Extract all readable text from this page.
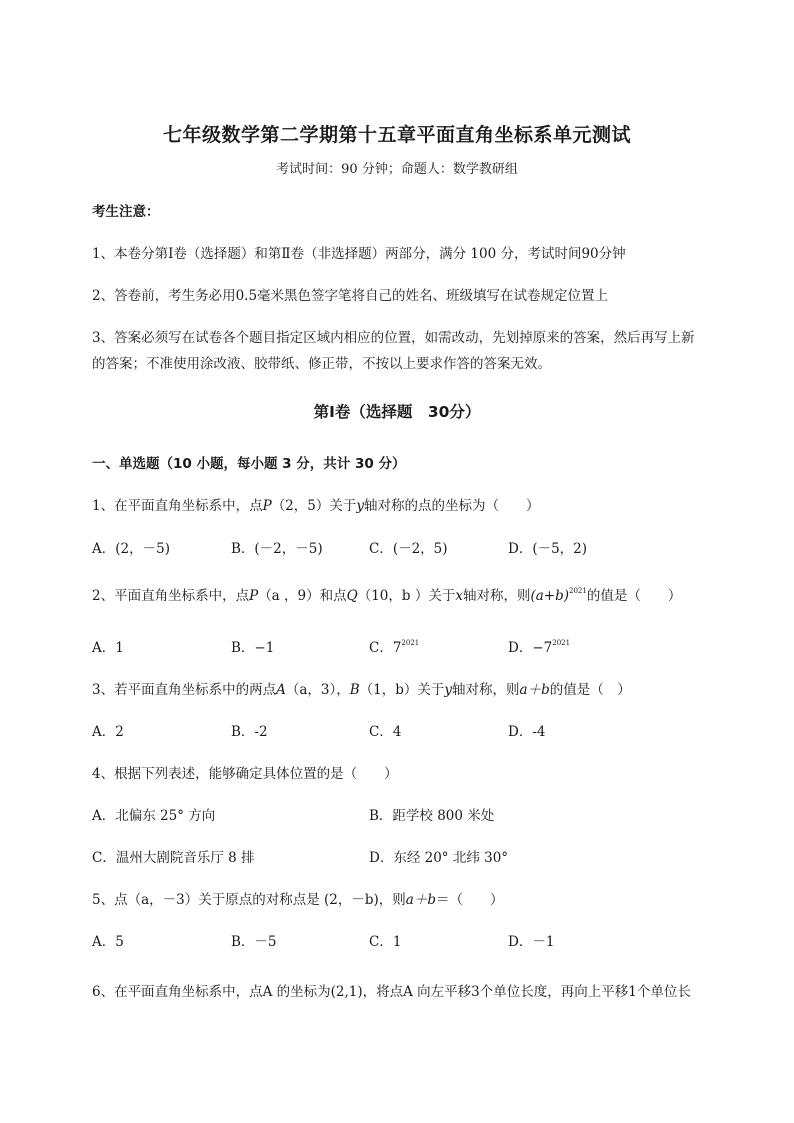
七年级数学第二学期第十五章平面直角坐标系单元测试
考试时间：90 分钟；命题人：数学教研组
考生注意：
1、本卷分第Ⅰ卷（选择题）和第Ⅱ卷（非选择题）两部分，满分 100 分，考试时间90分钟
2、答卷前，考生务必用0.5毫米黑色签字笔将自己的姓名、班级填写在试卷规定位置上
3、答案必须写在试卷各个题目指定区域内相应的位置，如需改动，先划掉原来的答案，然后再写上新
的答案；不准使用涂改液、胶带纸、修正带，不按以上要求作答的答案无效。
第Ⅰ卷（选择题　30分）
一、单选题（10 小题，每小题 3 分，共计 30 分）
1、在平面直角坐标系中，点P（2，5）关于y轴对称的点的坐标为（　　）
A．(2，－5)	B．(－2，－5)	C．(－2，5)	D．(－5，2)
2、平面直角坐标系中，点P（a ，9）和点Q（10，b ）关于x轴对称，则$(a+b)^{2021}$的值是（　　）
A．1	B．−1	C．$7^{2021}$	D．$-7^{2021}$
3、若平面直角坐标系中的两点A（a，3），B（1，b）关于y轴对称，则a＋b的值是（　）
A．2	B．-2	C．4	D．-4
4、根据下列表述，能够确定具体位置的是（　　）
A．北偏东 25° 方向	B．距学校 800 米处
C．温州大剧院音乐厅 8 排	D．东经 20° 北纬 30°
5、点（a，－3）关于原点的对称点是 (2，－b)，则a＋b＝（　　）
A．5	B．－5	C．1	D．－1
6、在平面直角坐标系中，点A 的坐标为(2,1)，将点A 向左平移3个单位长度，再向上平移1个单位长
